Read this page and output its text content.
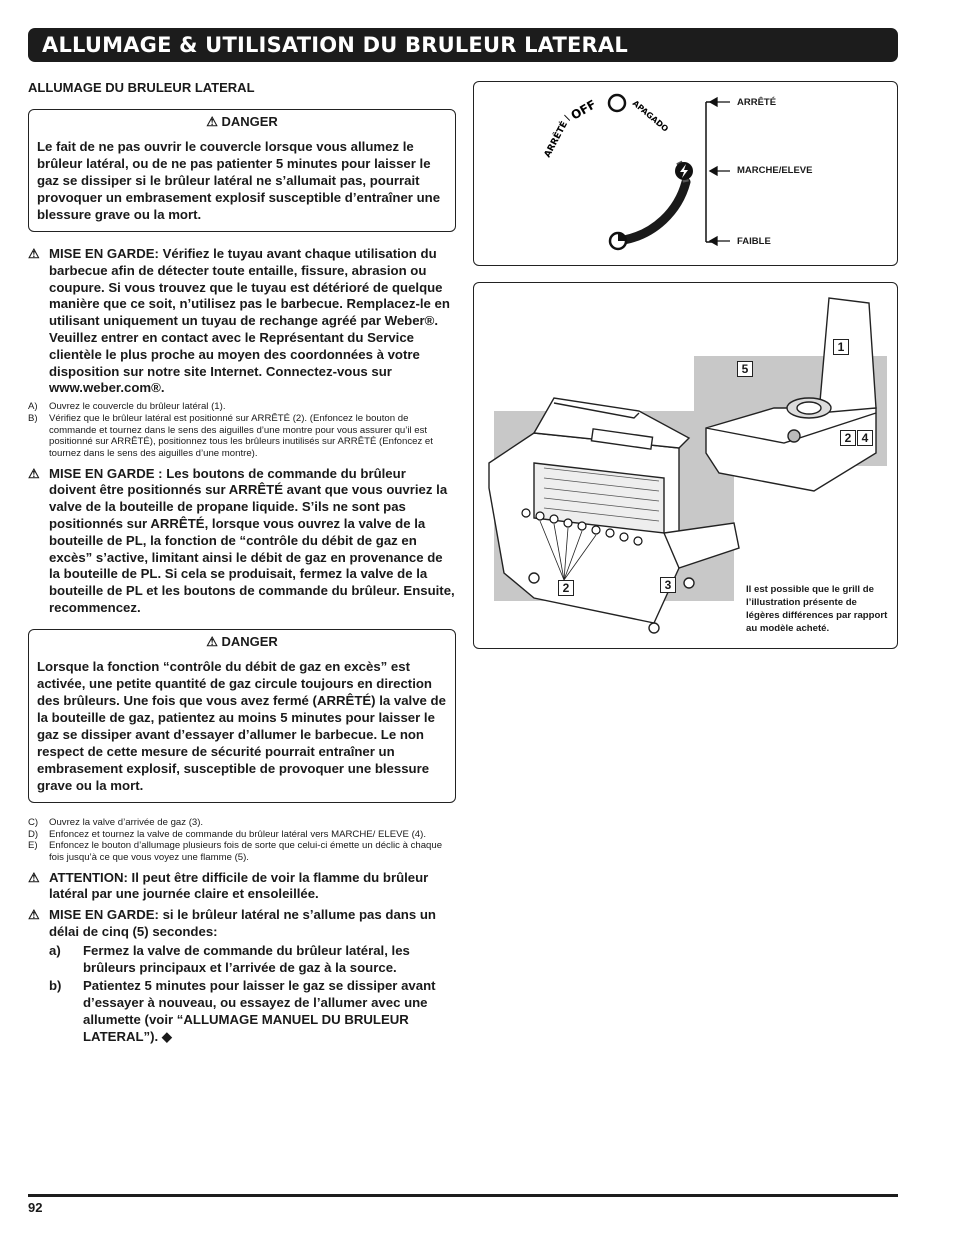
ALLUMAGE & UTILISATION DU BRULEUR LATERAL
ALLUMAGE DU BRULEUR LATERAL
⚠ DANGER
Le fait de ne pas ouvrir le couvercle lorsque vous allumez le brûleur latéral, ou de ne pas patienter 5 minutes pour laisser le gaz se dissiper si le brûleur latéral ne s’allumait pas, pourrait provoquer un embrasement explosif susceptible d’entraîner une blessure grave ou la mort.
⚠ MISE EN GARDE: Vérifiez le tuyau avant chaque utilisation du barbecue afin de détecter toute entaille, fissure, abrasion ou coupure. Si vous trouvez que le tuyau est détérioré de quelque manière que ce soit, n’utilisez pas le barbecue. Remplacez-le en utilisant uniquement un tuyau de rechange agréé par Weber®. Veuillez entrer en contact avec le Représentant du Service clientèle le plus proche au moyen des coordonnées à votre disposition sur notre site Internet. Connectez-vous sur www.weber.com®.
A)	Ouvrez le couvercle du brûleur latéral (1).
B)	Vérifiez que le brûleur latéral est positionné sur ARRÊTÉ (2). (Enfoncez le bouton de commande et tournez dans le sens des aiguilles d’une montre pour vous assurer qu’il est positionné sur ARRÊTÉ), positionnez tous les brûleurs inutilisés sur ARRÊTÉ (Enfoncez et tournez dans le sens des aiguilles d’une montre).
⚠ MISE EN GARDE : Les boutons de commande du brûleur doivent être positionnés sur ARRÊTÉ avant que vous ouvriez la valve de la bouteille de propane liquide. S’ils ne sont pas positionnés sur ARRÊTÉ, lorsque vous ouvrez la valve de la bouteille de PL, la fonction de “contrôle du débit de gaz en excès” s’active, limitant ainsi le débit de gaz en provenance de la bouteille de PL. Si cela se produisait, fermez la valve de la bouteille de PL et les boutons de commande du brûleur. Ensuite, recommencez.
⚠ DANGER
Lorsque la fonction “contrôle du débit de gaz en excès” est activée, une petite quantité de gaz circule toujours en direction des brûleurs. Une fois que vous avez fermé (ARRÊTÉ) la valve de la bouteille de gaz, patientez au moins 5 minutes pour laisser le gaz se dissiper avant d’essayer d’allumer le barbecue. Le non respect de cette mesure de sécurité pourrait entraîner un embrasement explosif, susceptible de provoquer une blessure grave ou la mort.
C)	Ouvrez la valve d’arrivée de gaz (3).
D)	Enfoncez et tournez la valve de commande du brûleur latéral vers MARCHE/ ELEVE (4).
E)	Enfoncez le bouton d’allumage plusieurs fois de sorte que celui-ci émette un déclic à chaque fois jusqu’à ce que vous voyez une flamme (5).
⚠ ATTENTION: Il peut être difficile de voir la flamme du brûleur latéral par une journée claire et ensoleillée.
⚠ MISE EN GARDE: si le brûleur latéral ne s’allume pas dans un délai de cinq (5) secondes:
a)	Fermez la valve de commande du brûleur latéral, les brûleurs principaux et l’arrivée de gaz à la source.
b)	Patientez 5 minutes pour laisser le gaz se dissiper avant d’essayer à nouveau, ou essayez de l’allumer avec une allumette (voir “ALLUMAGE MANUEL DU BRULEUR LATERAL”). ◆
ARRÊTÉ /
OFF	APAGADO	ARRÊTÉ
MARCHE/ELEVE
FAIBLE
1
5
2 4
2	3	Il est possible que le grill de l’illustration présente de légères différences par rapport au modèle acheté.
92
